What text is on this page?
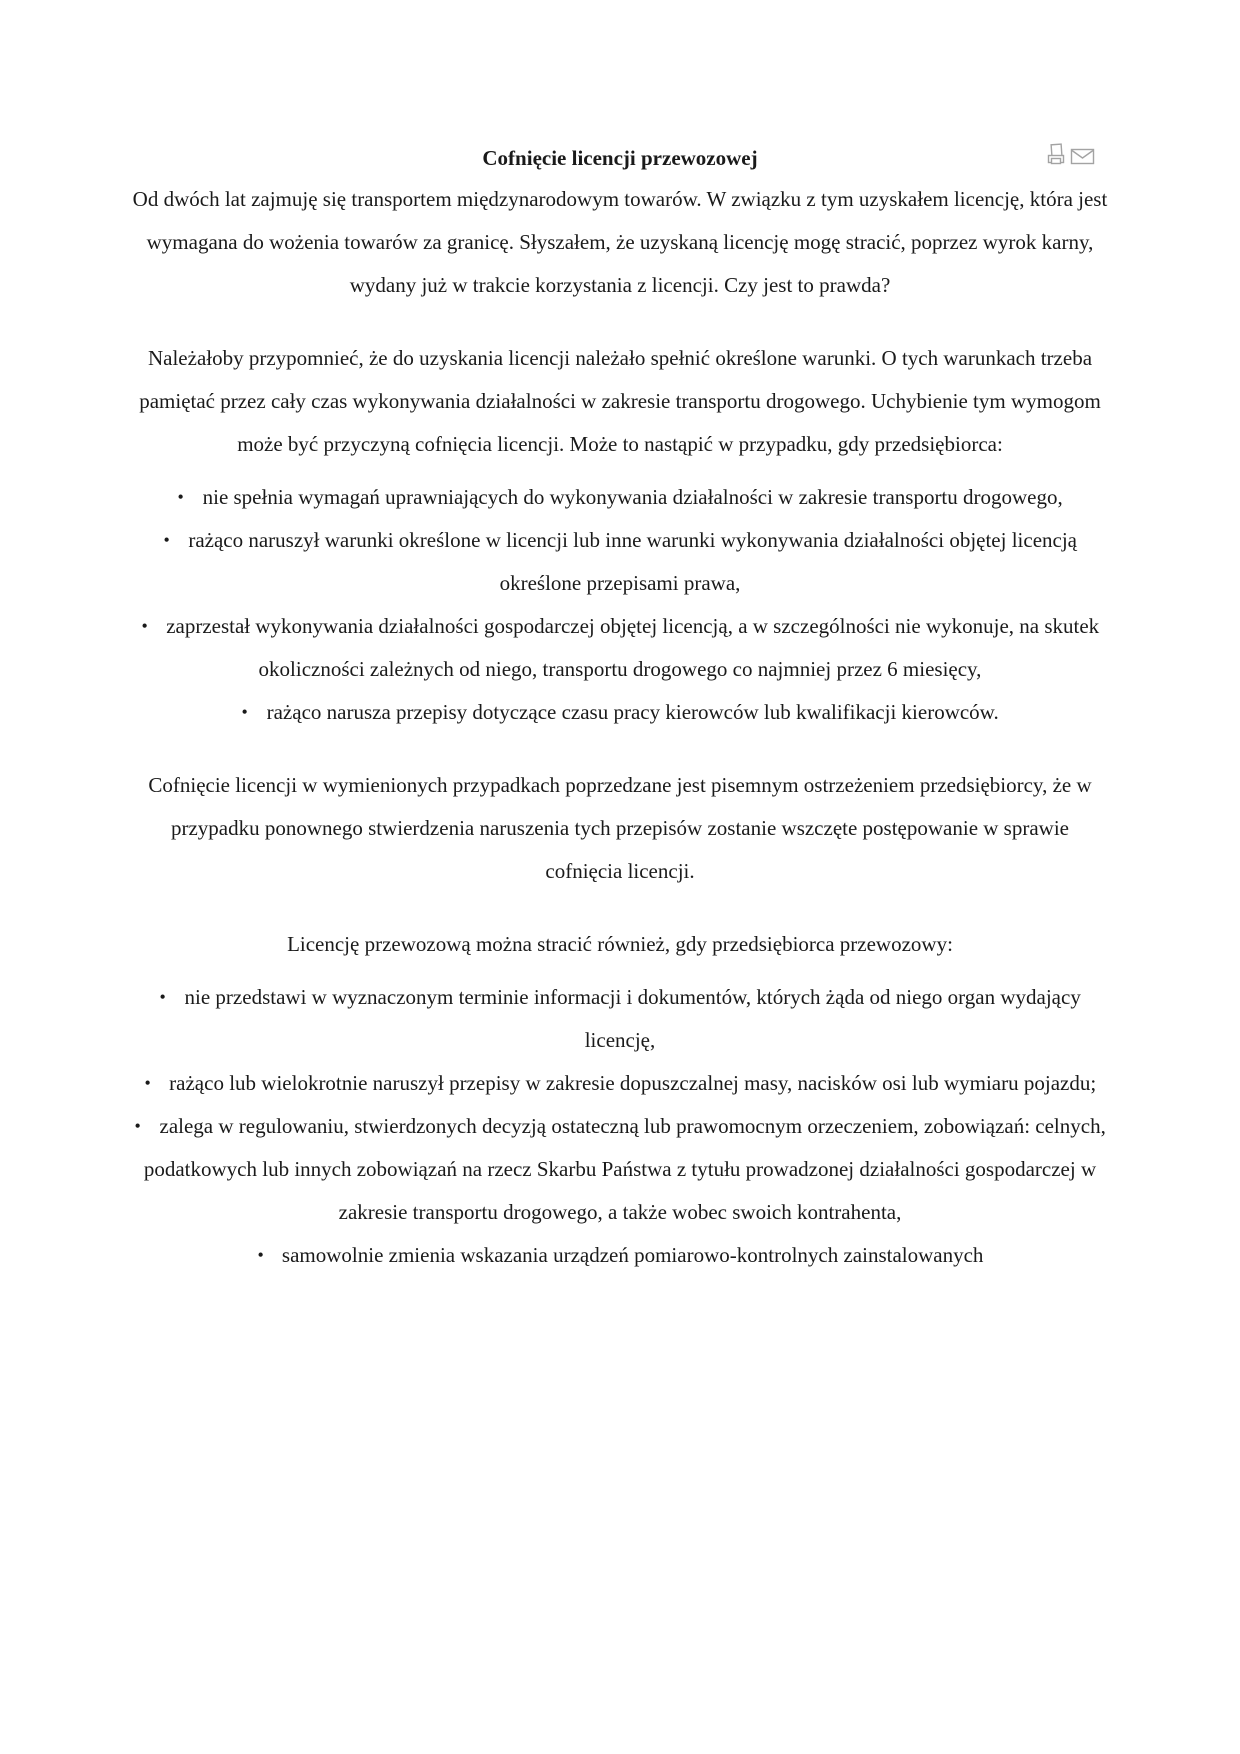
Cofnięcie licencji przewozowej

Od dwóch lat zajmuję się transportem międzynarodowym towarów. W związku z tym uzyskałem licencję, która jest wymagana do wożenia towarów za granicę. Słyszałem, że uzyskaną licencję mogę stracić, poprzez wyrok karny, wydany już w trakcie korzystania z licencji. Czy jest to prawda?

Należałoby przypomnieć, że do uzyskania licencji należało spełnić określone warunki. O tych warunkach trzeba pamiętać przez cały czas wykonywania działalności w zakresie transportu drogowego. Uchybienie tym wymogom może być przyczyną cofnięcia licencji. Może to nastąpić w przypadku, gdy przedsiębiorca:

• nie spełnia wymagań uprawniających do wykonywania działalności w zakresie transportu drogowego,
• rażąco naruszył warunki określone w licencji lub inne warunki wykonywania działalności objętej licencją określone przepisami prawa,
• zaprzestał wykonywania działalności gospodarczej objętej licencją, a w szczególności nie wykonuje, na skutek okoliczności zależnych od niego, transportu drogowego co najmniej przez 6 miesięcy,
• rażąco narusza przepisy dotyczące czasu pracy kierowców lub kwalifikacji kierowców.

Cofnięcie licencji w wymienionych przypadkach poprzedzane jest pisemnym ostrzeżeniem przedsiębiorcy, że w przypadku ponownego stwierdzenia naruszenia tych przepisów zostanie wszczęte postępowanie w sprawie cofnięcia licencji.

Licencję przewozową można stracić również, gdy przedsiębiorca przewozowy:

• nie przedstawi w wyznaczonym terminie informacji i dokumentów, których żąda od niego organ wydający licencję,
• rażąco lub wielokrotnie naruszył przepisy w zakresie dopuszczalnej masy, nacisków osi lub wymiaru pojazdu;
• zalega w regulowaniu, stwierdzonych decyzją ostateczną lub prawomocnym orzeczeniem, zobowiązań: celnych, podatkowych lub innych zobowiązań na rzecz Skarbu Państwa z tytułu prowadzonej działalności gospodarczej w zakresie transportu drogowego, a także wobec swoich kontrahenta,
• samowolnie zmienia wskazania urządzeń pomiarowo-kontrolnych zainstalowanych
